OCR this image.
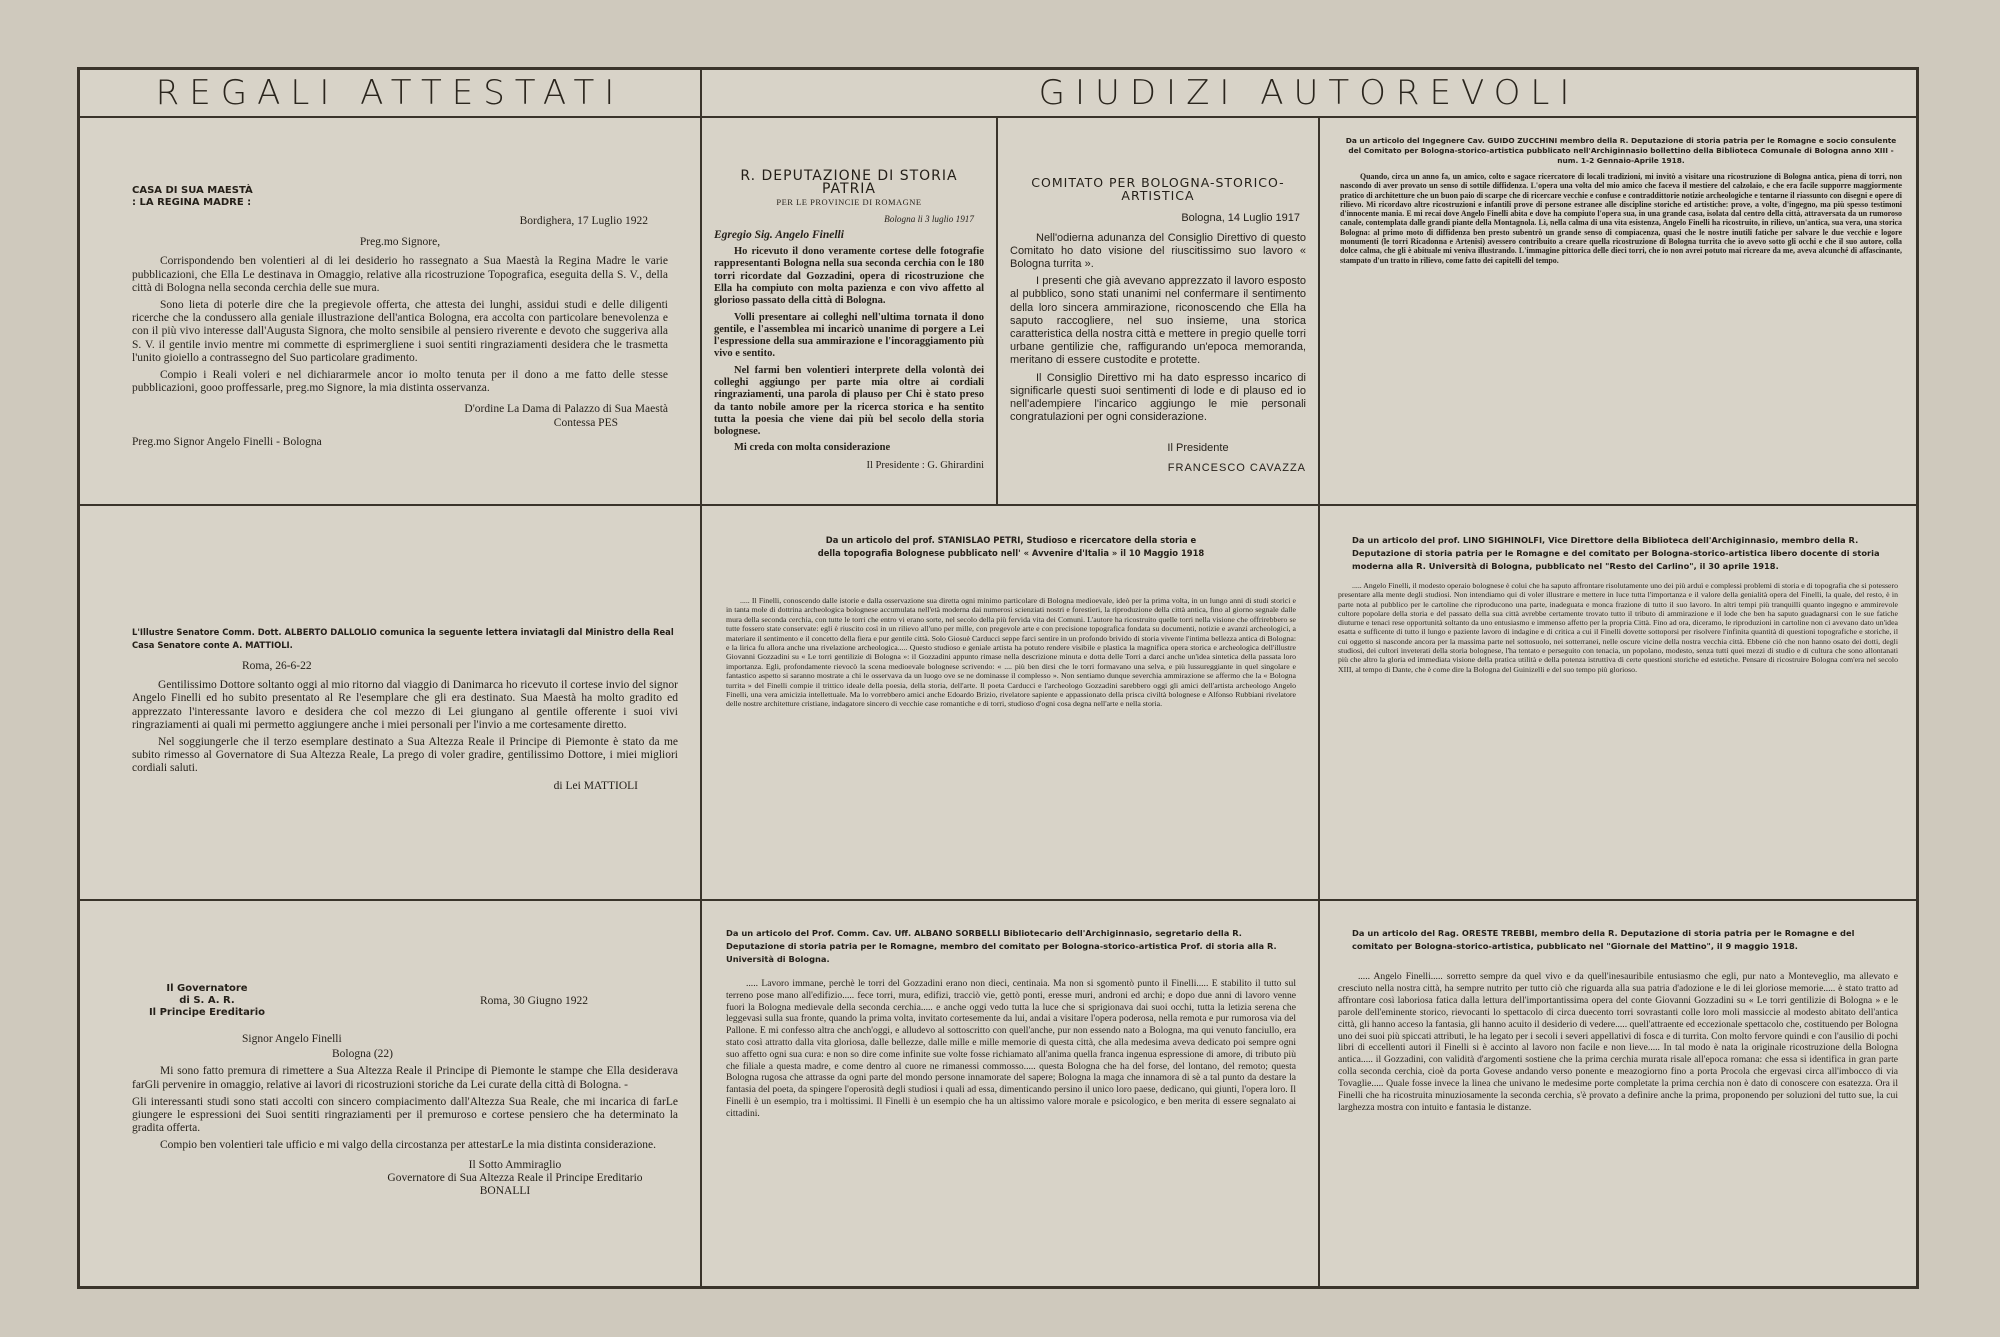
REGALI ATTESTATI	GIUDIZI AUTOREVOLI
CASA DI SUA MAESTÀ
: LA REGINA MADRE :
Bordighera, 17 Luglio 1922
Preg.mo Signore,

Corrispondendo ben volentieri al di lei desiderio ho rassegnato a Sua Maestà la Regina Madre le varie pubblicazioni, che Ella Le destinava in Omaggio, relative alla ricostruzione Topografica, eseguita della S. V., della città di Bologna nella seconda cerchia delle sue mura.

Sono lieta di poterle dire che la pregievole offerta, che attesta dei lunghi, assidui studi e delle diligenti ricerche che la condussero alla geniale illustrazione dell'antica Bologna, era accolta con particolare benevolenza e con il più vivo interesse dall'Augusta Signora, che molto sensibile al pensiero riverente e devoto che suggeriva alla S. V. il gentile invio mentre mi commette di esprimergliene i suoi sentiti ringraziamenti desidera che le trasmetta l'unito gioiello a contrassegno del Suo particolare gradimento.

Compio i Reali voleri e nel dichiararmele ancor io molto tenuta per il dono a me fatto delle stesse pubblicazioni, gooo proffessarle, preg.mo Signore, la mia distinta osservanza.

D'ordine La Dama di Palazzo di Sua Maestà
Contessa PES
Preg.mo Signor Angelo Finelli - Bologna
R. DEPUTAZIONE DI STORIA PATRIA
PER LE PROVINCIE DI ROMAGNE
Bologna li 3 luglio 1917
Egregio Sig. Angelo Finelli

Ho ricevuto il dono veramente cortese delle fotografie rappresentanti Bologna nella sua seconda cerchia con le 180 torri ricordate dal Gozzadini, opera di ricostruzione che Ella ha compiuto con molta pazienza e con vivo affetto al glorioso passato della città di Bologna.

Volli presentare ai colleghi nell'ultima tornata il dono gentile, e l'assemblea mi incaricò unanime di porgere a Lei l'espressione della sua ammirazione e l'incoraggiamento più vivo e sentito.

Nel farmi ben volentieri interprete della volontà dei colleghi aggiungo per parte mia oltre ai cordiali ringraziamenti, una parola di plauso per Chi è stato preso da tanto nobile amore per la ricerca storica e ha sentito tutta la poesia che viene dai più bel secolo della storia bolognese.

Mi creda con molta considerazione

Il Presidente : G. Ghirardini
COMITATO PER BOLOGNA-STORICO-ARTISTICA
Bologna, 14 Luglio 1917

Nell'odierna adunanza del Consiglio Direttivo di questo Comitato ho dato visione del riuscitissimo suo lavoro « Bologna turrita ».

I presenti che già avevano apprezzato il lavoro esposto al pubblico, sono stati unanimi nel confermare il sentimento della loro sincera ammirazione, riconoscendo che Ella ha saputo raccogliere, nel suo insieme, una storica caratteristica della nostra città e mettere in pregio quelle torri urbane gentilizie che, raffigurando un'epoca memoranda, meritano di essere custodite e protette.

Il Consiglio Direttivo mi ha dato espresso incarico di significarle questi suoi sentimenti di lode e di plauso ed io nell'adempiere l'incarico aggiungo le mie personali congratulazioni per ogni considerazione.

Il Presidente
FRANCESCO CAVAZZA
Da un articolo del Ingegnere Cav. GUIDO ZUCCHINI membro della R. Deputazione di storia patria per le Romagne e socio consulente del Comitato per Bologna-storico-artistica pubblicato nell'Archiginnasio bollettino della Biblioteca Comunale di Bologna anno XIII - num. 1-2 Gennaio-Aprile 1918.

Quando, circa un anno fa, un amico, colto e sagace ricercatore di locali tradizioni, mi invitò a visitare una ricostruzione di Bologna antica, piena di torri, non nascondo di aver provato un senso di sottile diffidenza. L'opera una volta del mio amico che faceva il mestiere del calzolaio, e che era facile supporre maggiormente pratico di architetture che un buon paio di scarpe che di ricercare vecchie e confuse e contraddittorie notizie archeologiche e tentarne il riassunto con disegni e opere di rilievo. Mi ricordavo altre ricostruzioni e infantili prove di persone estranee alle discipline storiche ed artistiche: prove, a volte, d'ingegno, ma più spesso testimoni d'innocente mania. E mi recai dove Angelo Finelli abita e dove ha compiuto l'opera sua, in una grande casa, isolata dal centro della città, attraversata da un rumoroso canale, contemplata dalle grandi piante della Montagnola. Lì, nella calma di una vita esistenza, Angelo Finelli ha ricostruito, in rilievo, un'antica, sua vera, una storica Bologna: al primo moto di diffidenza ben presto subentrò un grande senso di compiacenza, quasi che le nostre inutili fatiche per salvare le due vecchie e logore monumenti (le torri Ricadonna e Artenisi) avessero contribuito a creare quella ricostruzione di Bologna turrita che io avevo sotto gli occhi e che il suo autore, colla dolce calma, che gli è abituale mi veniva illustrando. L'immagine pittorica delle dieci torri, che io non avrei potuto mai ricreare da me, aveva alcunché di affascinante, stampato d'un tratto in rilievo, come fatto dei capitelli del tempo.

L'Illustre Senatore Comm. Dott. ALBERTO DALLOLIO comunica la seguente lettera inviatagli dal Ministro della Real Casa Senatore conte A. MATTIOLI.
Roma, 26-6-22

Gentilissimo Dottore soltanto oggi al mio ritorno dal viaggio di Danimarca ho ricevuto il cortese invio del signor Angelo Finelli ed ho subito presentato al Re l'esemplare che gli era destinato. Sua Maestà ha molto gradito ed apprezzato l'interessante lavoro e desidera che col mezzo di Lei giungano al gentile offerente i suoi vivi ringraziamenti ai quali mi permetto aggiungere anche i miei personali per l'invio a me cortesamente diretto.

Nel soggiungerle che il terzo esemplare destinato a Sua Altezza Reale il Principe di Piemonte è stato da me subito rimesso al Governatore di Sua Altezza Reale, La prego di voler gradire, gentilissimo Dottore, i miei migliori cordiali saluti.

di Lei MATTIOLI
Da un articolo del prof. STANISLAO PETRI, Studioso e ricercatore della storia e della topografia Bolognese pubblicato nell' « Avvenire d'Italia » il 10 Maggio 1918

..... Il Finelli, conoscendo dalle istorie e dalla osservazione sua diretta ogni minimo particolare di Bologna medioevale, ideò per la prima volta, in un lungo anni di studi storici e in tanta mole di dottrina archeologica bolognese accumulata nell'età moderna dai numerosi scienziati nostri e forestieri, la riproduzione della città antica, fino al giorno segnale dalle mura della seconda cerchia, con tutte le torri che entro vi erano sorte, nel secolo della più fervida vita dei Comuni. L'autore ha ricostruito quelle torri nella visione che offrirebbero se tutte fossero state conservate: egli è riuscito così in un rilievo all'uno per mille, con pregevole arte e con precisione topografica fondata su documenti, notizie e avanzi archeologici, a materiare il sentimento e il concetto della fiera e pur gentile città. Solo Giosuè Carducci seppe farci sentire in un profondo brivido di storia vivente l'intima bellezza antica di Bologna: e la lirica fu allora anche una rivelazione archeologica..... Questo studioso e geniale artista ha potuto rendere visibile e plastica la magnifica opera storica e archeologica dell'illustre Giovanni Gozzadini su « Le torri gentilizie di Bologna »: il Gozzadini appunto rimase nella descrizione minuta e dotta delle Torri a darci anche un'idea sintetica della passata loro importanza. Egli, profondamente rievocò la scena medioevale bolognese scrivendo: « .... più ben dirsi che le torri formavano una selva, e più lussureggiante in quel singolare e fantastico aspetto si saranno mostrate a chi le osservava da un luogo ove se ne dominasse il complesso ». Non sentiamo dunque severchia ammirazione se affermo che la « Bologna turrita » del Finelli compie il trittico ideale della poesia, della storia, dell'arte. Il poeta Carducci e l'archeologo Gozzadini sarebbero oggi gli amici dell'artista archeologo Angelo Finelli, una vera amicizia intellettuale. Ma lo vorrebbero amici anche Edoardo Brizio, rivelatore sapiente e appassionato della prisca civiltà bolognese e Alfonso Rubbiani rivelatore delle nostre architetture cristiane, indagatore sincero di vecchie case romantiche e di torri, studioso d'ogni cosa degna nell'arte e nella storia.

Da un articolo del prof. LINO SIGHINOLFI, Vice Direttore della Biblioteca dell'Archiginnasio, membro della R. Deputazione di storia patria per le Romagne e del comitato per Bologna-storico-artistica libero docente di storia moderna alla R. Università di Bologna, pubblicato nel "Resto del Carlino", il 30 aprile 1918.

..... Angelo Finelli, il modesto operaio bolognese è colui che ha saputo affrontare risolutamente uno dei più arduì e complessi problemi di storia e di topografia che si potessero presentare alla mente degli studiosi. Non intendiamo qui di voler illustrare e mettere in luce tutta l'importanza e il valore della genialità opera del Finelli, la quale, del resto, è in parte nota al pubblico per le cartoline che riproducono una parte, inadeguata e monca frazione di tutto il suo lavoro. In altri tempi più tranquilli quanto ingegno e ammirevole cultore popolare della storia e del passato della sua città avrebbe certamente trovato tutto il tributo di ammirazione e il lode che ben ha saputo guadagnarsi con le sue fatiche diuturne e tenaci rese opportunità soltanto da uno entusiasmo e immenso affetto per la propria Città. Fino ad ora, diceramo, le riproduzioni in cartoline non ci avevano dato un'idea esatta e sufficente di tutto il lungo e paziente lavoro di indagine e di critica a cui il Finelli dovette sottoporsi per risolvere l'infinita quantità di questioni topografiche e storiche, il cui oggetto si nasconde ancora per la massima parte nel sottosuolo, nei sotterranei, nelle oscure vicine della nostra vecchia città. Ebbene ciò che non hanno osato dei dotti, degli studiosi, dei cultori inveterati della storia bolognese, l'ha tentato e perseguito con tenacia, un popolano, modesto, senza tutti quei mezzi di studio e di cultura che sono allontanati più che altro la gloria ed immediata visione della pratica utilità e della potenza istruttiva di certe questioni storiche ed estetiche. Pensare di ricostruire Bologna com'era nel secolo XIII, al tempo di Dante, che è come dire la Bologna del Guinizelli e del suo tempo più glorioso.

Il Governatore
di S. A. R.
Il Principe Ereditario
Roma, 30 Giugno 1922
Signor Angelo Finelli
Bologna (22)

Mi sono fatto premura di rimettere a Sua Altezza Reale il Principe di Piemonte le stampe che Ella desiderava farGli pervenire in omaggio, relative ai lavori di ricostruzioni storiche da Lei curate della città di Bologna. -

Gli interessanti studi sono stati accolti con sincero compiacimento dall'Altezza Sua Reale, che mi incarica di farLe giungere le espressioni dei Suoi sentiti ringraziamenti per il premuroso e cortese pensiero che ha determinato la gradita offerta.

Compio ben volentieri tale ufficio e mi valgo della circostanza per attestarLe la mia distinta considerazione.

Il Sotto Ammiraglio
Governatore di Sua Altezza Reale il Principe Ereditario
BONALLI
Da un articolo del Prof. Comm. Cav. Uff. ALBANO SORBELLI Bibliotecario dell'Archiginnasio, segretario della R. Deputazione di storia patria per le Romagne, membro del comitato per Bologna-storico-artistica Prof. di storia alla R. Università di Bologna.

..... Lavoro immane, perchè le torri del Gozzadini erano non dieci, centinaia. Ma non si sgomentò punto il Finelli..... E stabilito il tutto sul terreno pose mano all'edifizio..... fece torri, mura, edifizi, tracciò vie, gettò ponti, eresse muri, androni ed archi; e dopo due anni di lavoro venne fuori la Bologna medievale della seconda cerchia..... e anche oggi vedo tutta la luce che si sprigionava dai suoi occhi, tutta la letizia serena che leggevasi sulla sua fronte, quando la prima volta, invitato cortesemente da lui, andai a visitare l'opera poderosa, nella remota e pur rumorosa via del Pallone. E mi confesso altra che anch'oggi, e alludevo al sottoscritto con quell'anche, pur non essendo nato a Bologna, ma qui venuto fanciullo, era stato così attratto dalla vita gloriosa, dalle bellezze, dalle mille e mille memorie di questa città, che alla medesima aveva dedicato poi sempre ogni suo affetto ogni sua cura: e non so dire come infinite sue volte fosse richiamato all'anima quella franca ingenua espressione di amore, di tributo più che filiale a questa madre, e come dentro al cuore ne rimanessi commosso..... questa Bologna che ha del forse, del lontano, del remoto; questa Bologna rugosa che attrasse da ogni parte del mondo persone innamorate del sapere; Bologna la maga che innamora di sè a tal punto da destare la fantasia del poeta, da spingere l'operosità degli studiosi i quali ad essa, dimenticando persino il unico loro paese, dedicano, qui giunti, l'opera loro. Il Finelli è un esempio, tra i moltissimi. Il Finelli è un esempio che ha un altissimo valore morale e psicologico, e ben merita di essere segnalato ai cittadini.

Da un articolo del Rag. ORESTE TREBBI, membro della R. Deputazione di storia patria per le Romagne e del comitato per Bologna-storico-artistica, pubblicato nel "Giornale del Mattino", il 9 maggio 1918.

..... Angelo Finelli..... sorretto sempre da quel vivo e da quell'inesauribile entusiasmo che egli, pur nato a Monteveglio, ma allevato e cresciuto nella nostra città, ha sempre nutrito per tutto ciò che riguarda alla sua patria d'adozione e le di lei gloriose memorie..... è stato tratto ad affrontare così laboriosa fatica dalla lettura dell'importantissima opera del conte Giovanni Gozzadini su « Le torri gentilizie di Bologna » e le parole dell'eminente storico, rievocanti lo spettacolo di circa duecento torri sovrastanti colle loro moli massiccie al modesto abitato dell'antica città, gli hanno acceso la fantasia, gli hanno acuito il desiderio di vedere..... quell'attraente ed eccezionale spettacolo che, costituendo per Bologna uno dei suoi più spiccati attributi, le ha legato per i secoli i severi appellativi di fosca e di turrita. Con molto fervore quindi e con l'ausilio di pochi libri di eccellenti autori il Finelli si è accinto al lavoro non facile e non lieve..... In tal modo è nata la originale ricostruzione della Bologna antica..... il Gozzadini, con validità d'argomenti sostiene che la prima cerchia murata risale all'epoca romana: che essa si identifica in gran parte colla seconda cerchia, cioè da porta Govese andando verso ponente e meazogiorno fino a porta Procola che ergevasi circa all'imbocco di via Tovaglie..... Quale fosse invece la linea che univano le medesime porte completate la prima cerchia non è dato di conoscere con esatezza. Ora il Finelli che ha ricostruita minuziosamente la seconda cerchia, s'è provato a definire anche la prima, proponendo per soluzioni del tutto sue, la cui larghezza mostra con intuito e fantasia le distanze.
